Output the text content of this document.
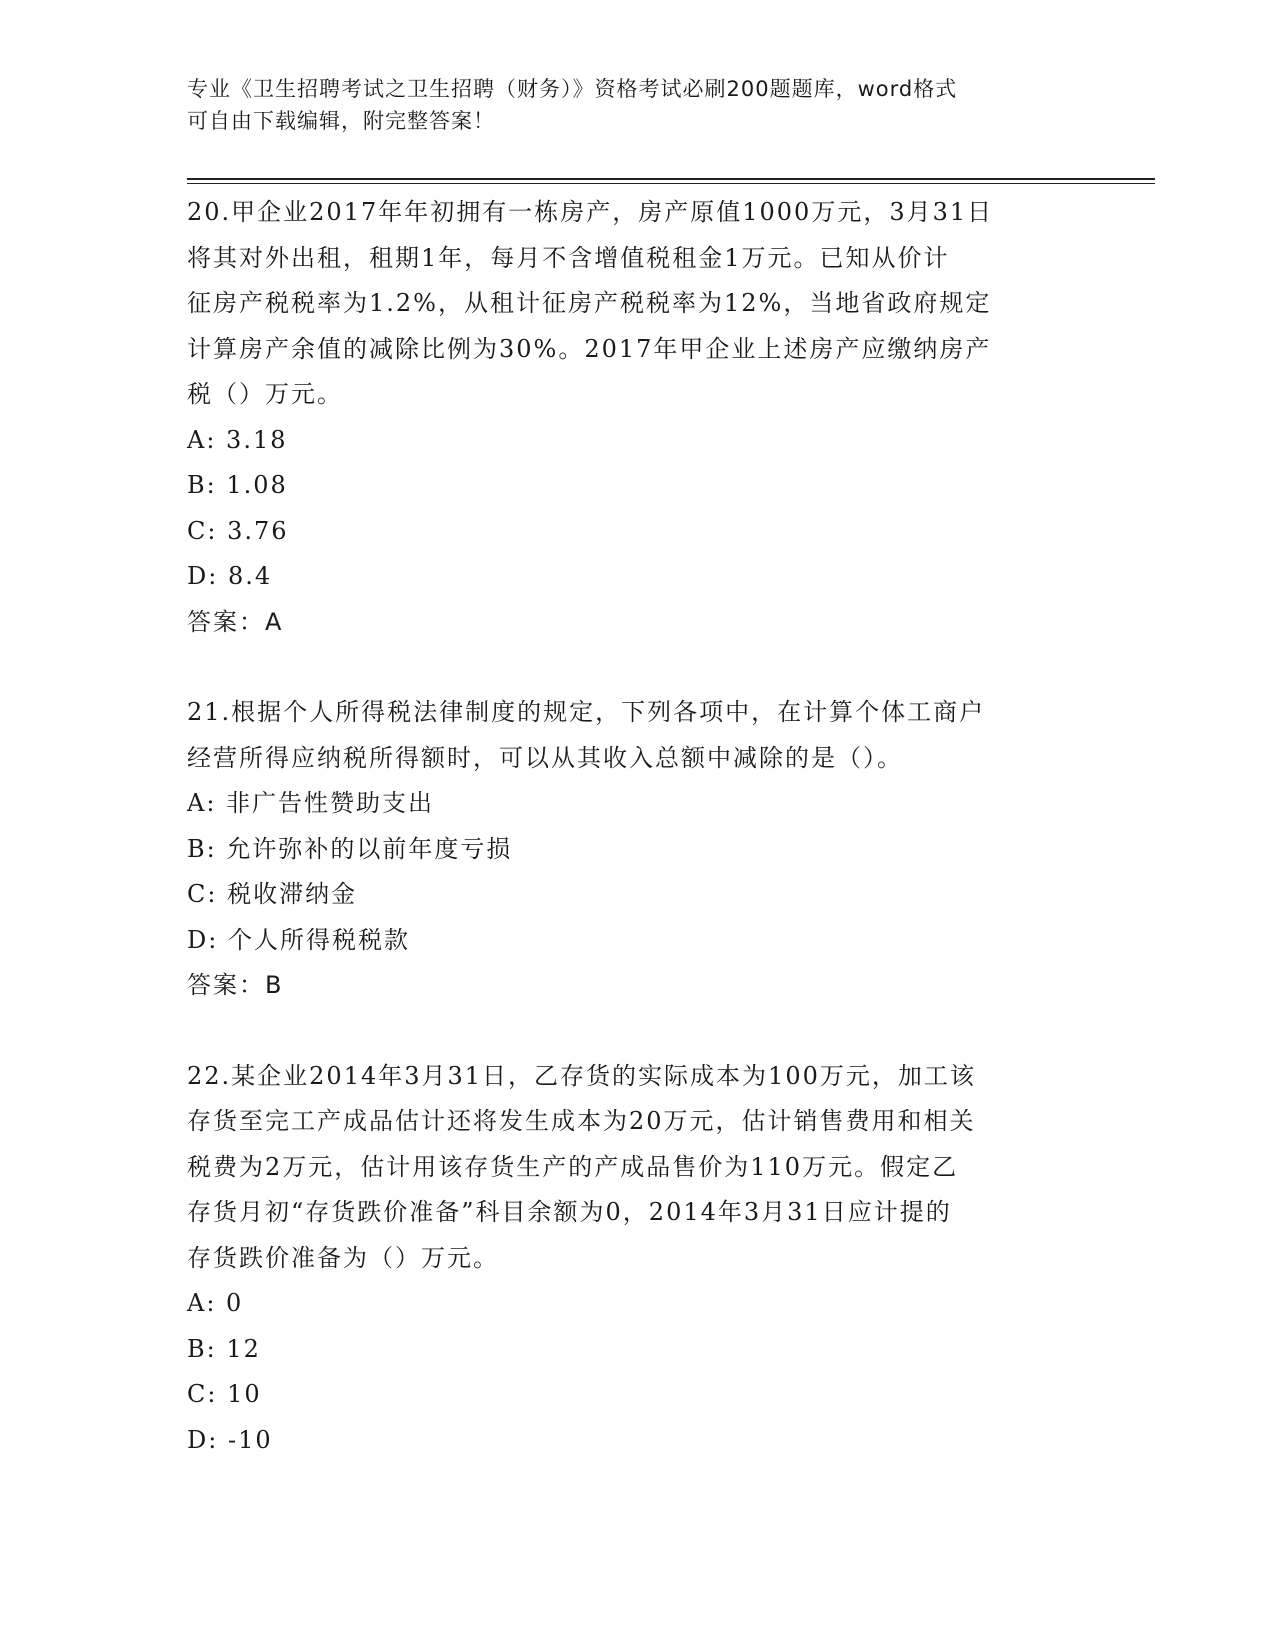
专业《卫生招聘考试之卫生招聘（财务）》资格考试必刷200题题库，word格式
可自由下载编辑，附完整答案！
20.甲企业2017年年初拥有一栋房产，房产原值1000万元，3月31日
将其对外出租，租期1年，每月不含增值税租金1万元。已知从价计
征房产税税率为1.2%，从租计征房产税税率为12%，当地省政府规定
计算房产余值的减除比例为30%。2017年甲企业上述房产应缴纳房产
税（）万元。
A: 3.18
B: 1.08
C: 3.76
D: 8.4
答案：A
21.根据个人所得税法律制度的规定，下列各项中，在计算个体工商户
经营所得应纳税所得额时，可以从其收入总额中减除的是（）。
A: 非广告性赞助支出
B: 允许弥补的以前年度亏损
C: 税收滞纳金
D: 个人所得税税款
答案：B
22.某企业2014年3月31日，乙存货的实际成本为100万元，加工该
存货至完工产成品估计还将发生成本为20万元，估计销售费用和相关
税费为2万元，估计用该存货生产的产成品售价为110万元。假定乙
存货月初“存货跌价准备”科目余额为0，2014年3月31日应计提的
存货跌价准备为（）万元。
A: 0
B: 12
C: 10
D: -10
